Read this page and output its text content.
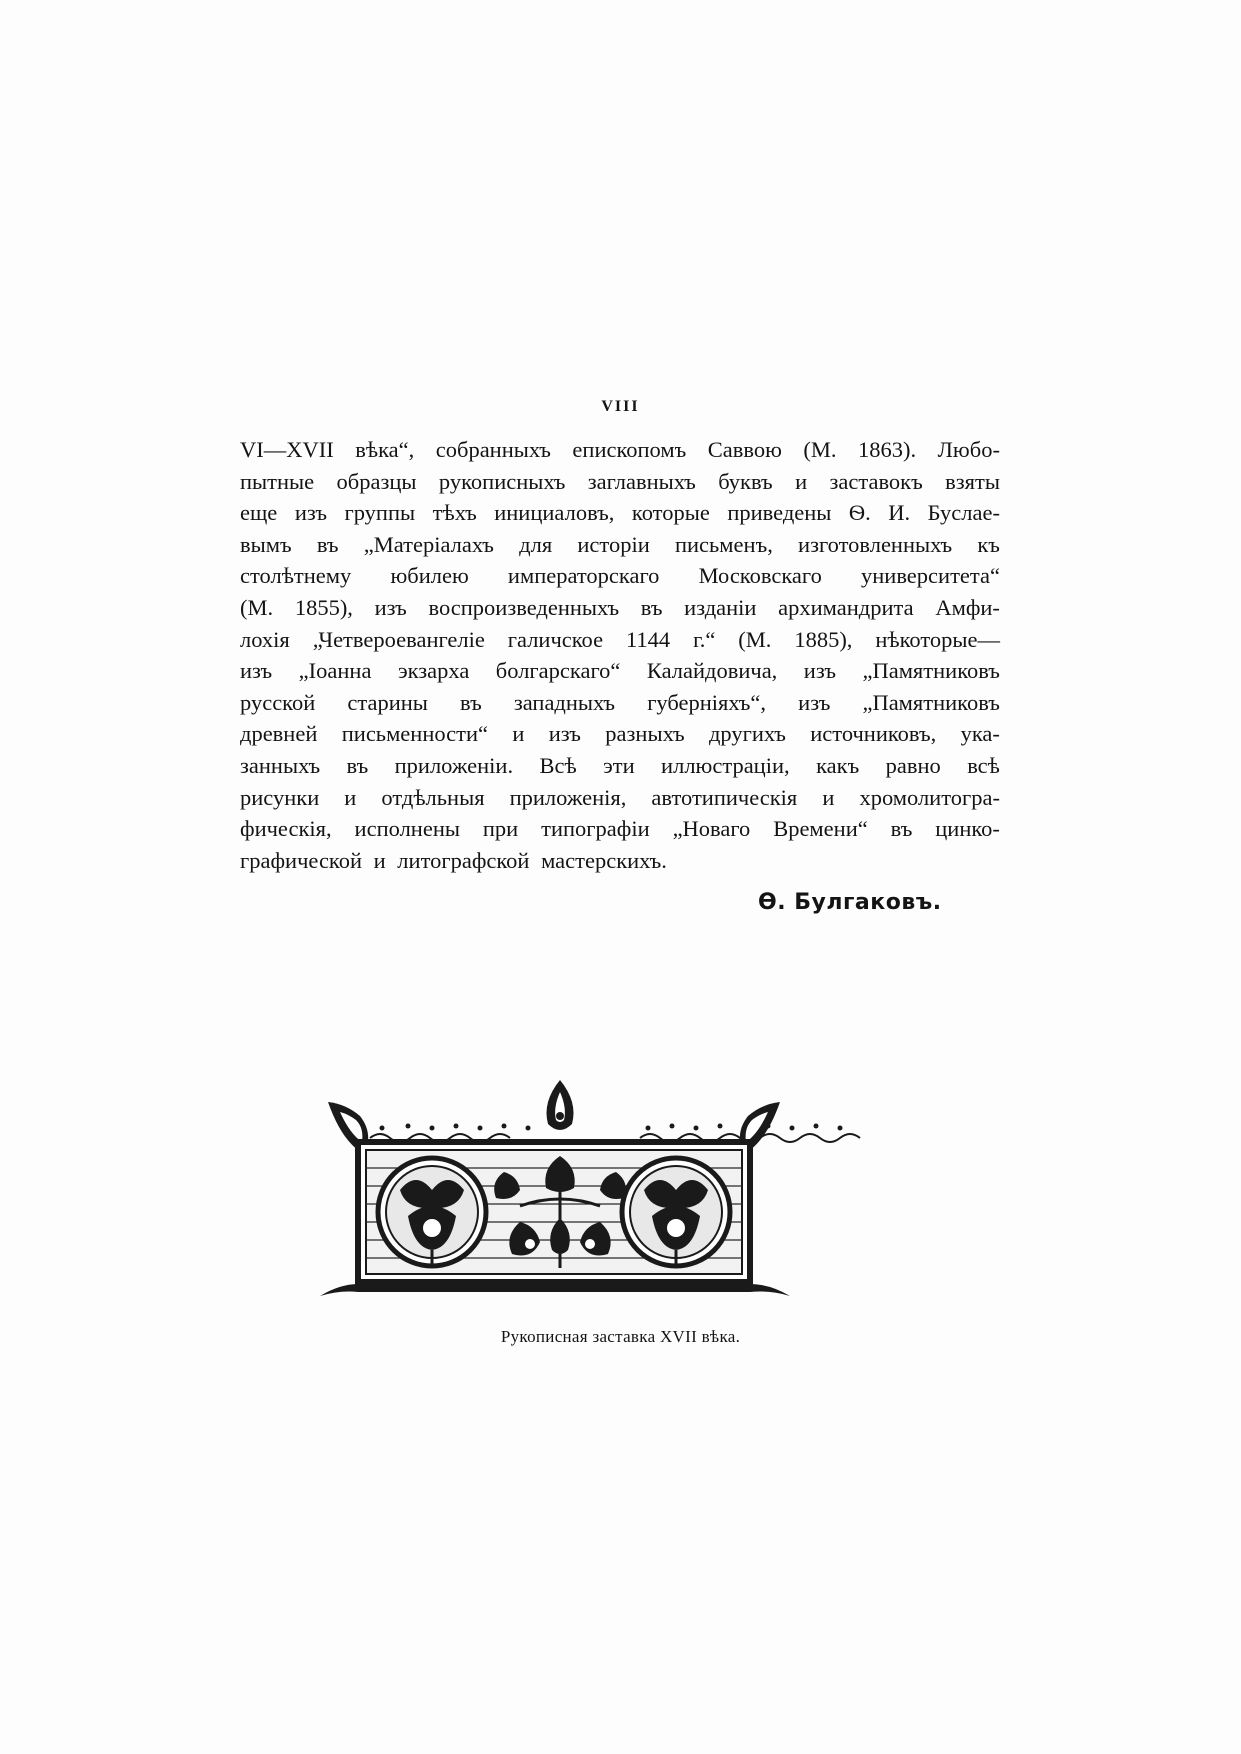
VIII
VI—XVII вѣка“, собранныхъ епископомъ Саввою (М. 1863). Любо-
пытные образцы рукописныхъ заглавныхъ буквъ и заставокъ взяты
еще изъ группы тѣхъ инициаловъ, которые приведены Ѳ. И. Буслае-
вымъ въ „Матеріалахъ для исторіи письменъ, изготовленныхъ къ
столѣтнему юбилею императорскаго Московскаго университета“
(М. 1855), изъ воспроизведенныхъ въ изданіи архимандрита Амфи-
лохія „Четвероевангеліе галичское 1144 г.“ (М. 1885), нѣкоторые—
изъ „Іоанна экзарха болгарскаго“ Калайдовича, изъ „Памятниковъ
русской старины въ западныхъ губерніяхъ“, изъ „Памятниковъ
древней письменности“ и изъ разныхъ другихъ источниковъ, ука-
занныхъ въ приложеніи. Всѣ эти иллюстраціи, какъ равно всѣ
рисунки и отдѣльныя приложенія, автотипическія и хромолитогра-
фическія, исполнены при типографіи „Новаго Времени“ въ цинко-
графической и литографской мастерскихъ.
Ѳ. Булгаковъ.
Рукописная заставка XVII вѣка.
